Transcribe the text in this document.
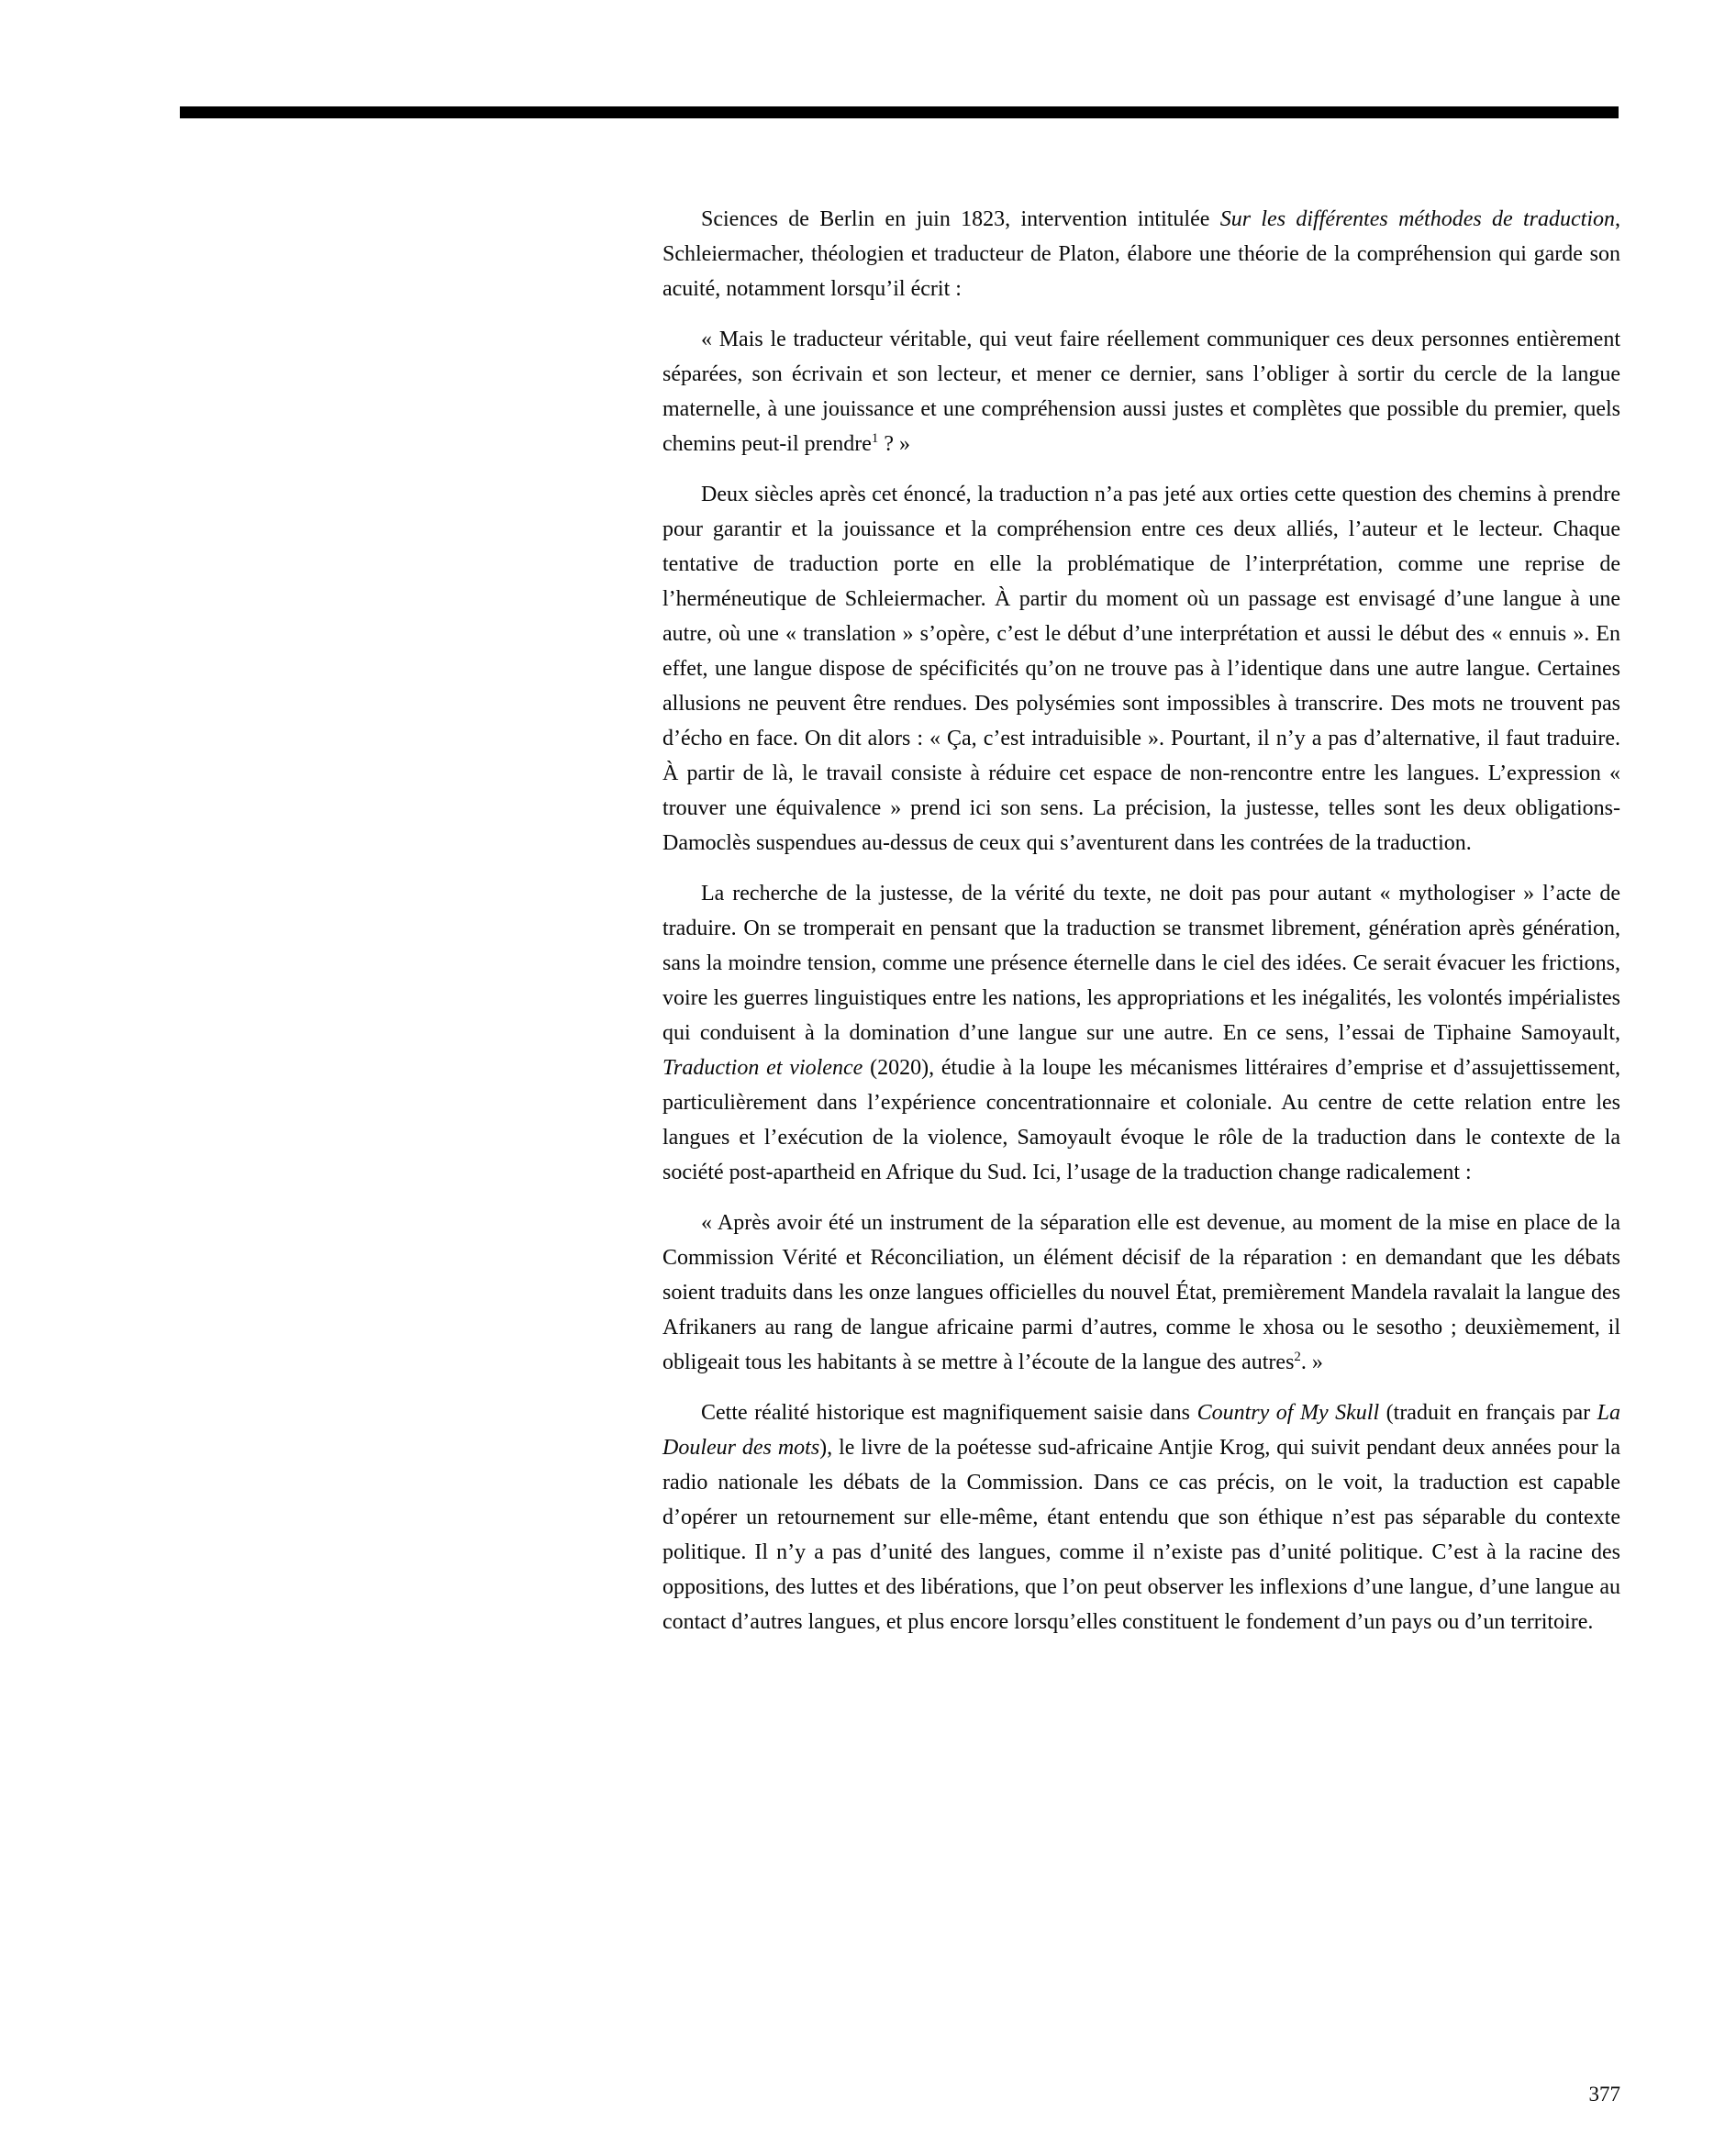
Sciences de Berlin en juin 1823, intervention intitulée Sur les différentes méthodes de traduction, Schleiermacher, théologien et traducteur de Platon, élabore une théorie de la compréhension qui garde son acuité, notamment lorsqu’il écrit :

« Mais le traducteur véritable, qui veut faire réellement communiquer ces deux personnes entièrement séparées, son écrivain et son lecteur, et mener ce dernier, sans l’obliger à sortir du cercle de la langue maternelle, à une jouissance et une compréhension aussi justes et complètes que possible du premier, quels chemins peut-il prendre$^1$ ? »

Deux siècles après cet énoncé, la traduction n’a pas jeté aux orties cette question des chemins à prendre pour garantir et la jouissance et la compréhension entre ces deux alliés, l’auteur et le lecteur. Chaque tentative de traduction porte en elle la problématique de l’interprétation, comme une reprise de l’herméneutique de Schleiermacher. À partir du moment où un passage est envisagé d’une langue à une autre, où une « translation » s’opère, c’est le début d’une interprétation et aussi le début des « ennuis ». En effet, une langue dispose de spécificités qu’on ne trouve pas à l’identique dans une autre langue. Certaines allusions ne peuvent être rendues. Des polysémies sont impossibles à transcrire. Des mots ne trouvent pas d’écho en face. On dit alors : « Ça, c’est intraduisible ». Pourtant, il n’y a pas d’alternative, il faut traduire. À partir de là, le travail consiste à réduire cet espace de non-rencontre entre les langues. L’expression « trouver une équivalence » prend ici son sens. La précision, la justesse, telles sont les deux obligations-Damoclès suspendues au-dessus de ceux qui s’aventurent dans les contrées de la traduction.

La recherche de la justesse, de la vérité du texte, ne doit pas pour autant « mythologiser » l’acte de traduire. On se tromperait en pensant que la traduction se transmet librement, génération après génération, sans la moindre tension, comme une présence éternelle dans le ciel des idées. Ce serait évacuer les frictions, voire les guerres linguistiques entre les nations, les appropriations et les inégalités, les volontés impérialistes qui conduisent à la domination d’une langue sur une autre. En ce sens, l’essai de Tiphaine Samoyault, Traduction et violence (2020), étudie à la loupe les mécanismes littéraires d’emprise et d’assujettissement, particulièrement dans l’expérience concentrationnaire et coloniale. Au centre de cette relation entre les langues et l’exécution de la violence, Samoyault évoque le rôle de la traduction dans le contexte de la société post-apartheid en Afrique du Sud. Ici, l’usage de la traduction change radicalement :

« Après avoir été un instrument de la séparation elle est devenue, au moment de la mise en place de la Commission Vérité et Réconciliation, un élément décisif de la réparation : en demandant que les débats soient traduits dans les onze langues officielles du nouvel État, premièrement Mandela ravalait la langue des Afrikaners au rang de langue africaine parmi d’autres, comme le xhosa ou le sesotho ; deuxièmement, il obligeait tous les habitants à se mettre à l’écoute de la langue des autres$^2$. »

Cette réalité historique est magnifiquement saisie dans Country of My Skull (traduit en français par La Douleur des mots), le livre de la poétesse sud-africaine Antjie Krog, qui suivit pendant deux années pour la radio nationale les débats de la Commission. Dans ce cas précis, on le voit, la traduction est capable d’opérer un retournement sur elle-même, étant entendu que son éthique n’est pas séparable du contexte politique. Il n’y a pas d’unité des langues, comme il n’existe pas d’unité politique. C’est à la racine des oppositions, des luttes et des libérations, que l’on peut observer les inflexions d’une langue, d’une langue au contact d’autres langues, et plus encore lorsqu’elles constituent le fondement d’un pays ou d’un territoire.

377
